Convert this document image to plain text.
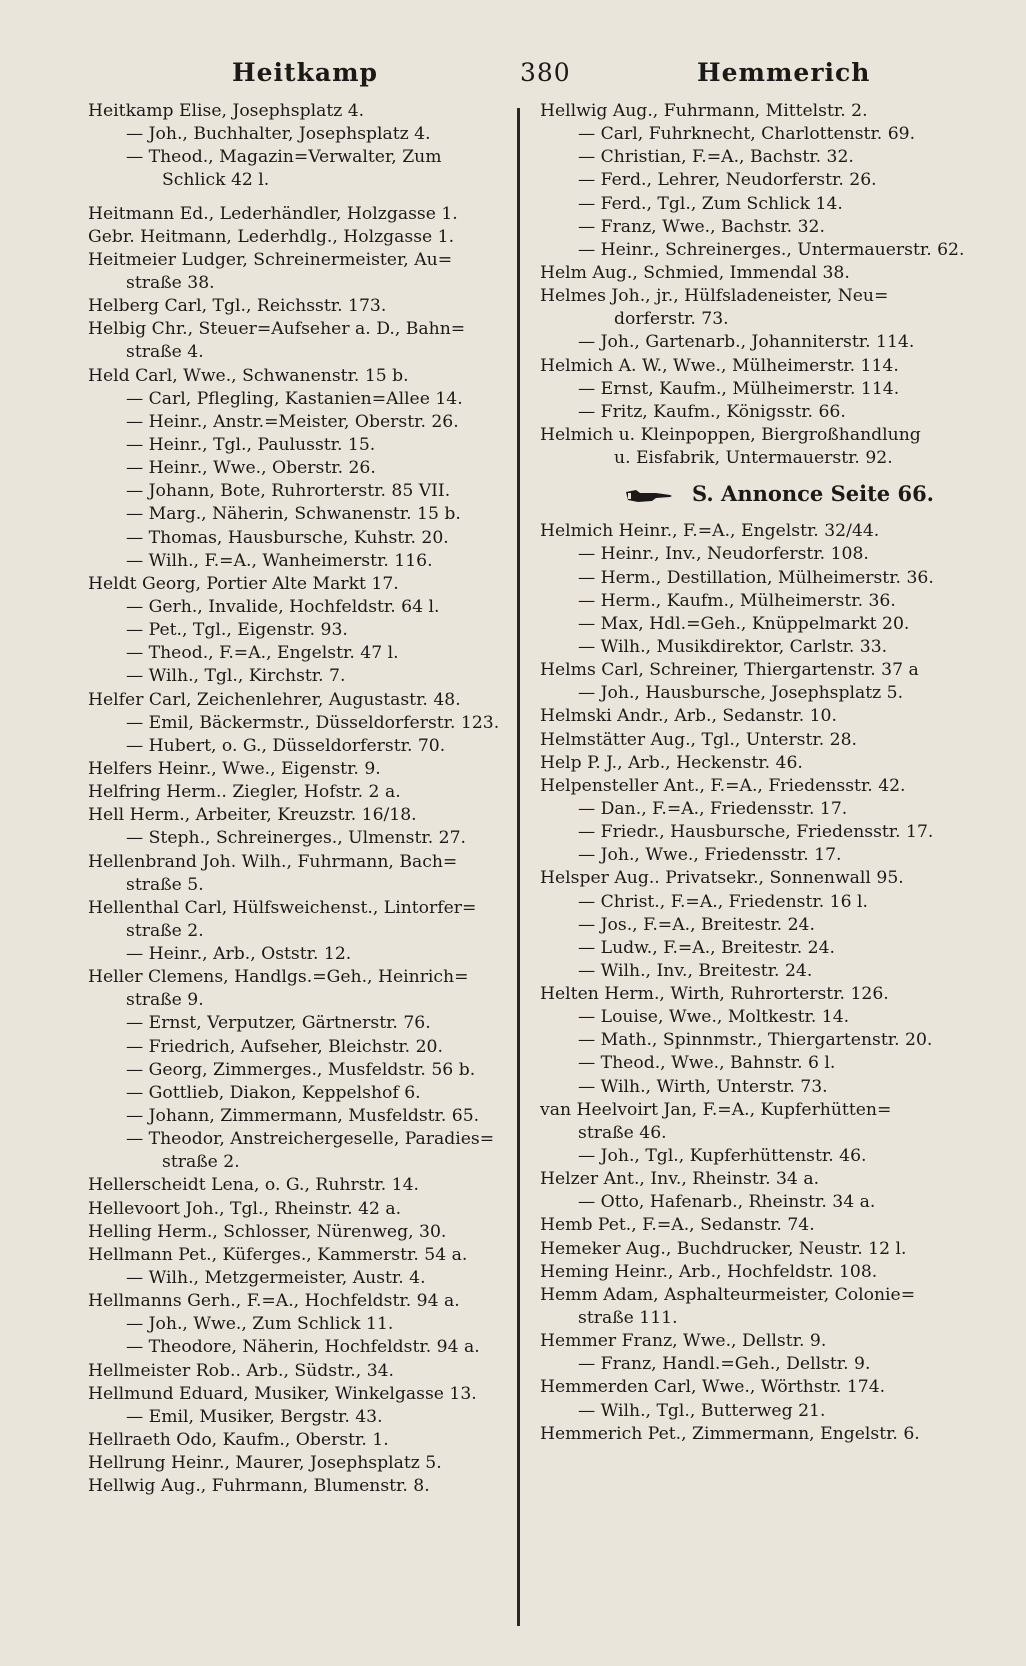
Heitkamp	380	Hemmerich
Heitkamp Elise, Josephsplatz 4.
— Joh., Buchhalter, Josephsplatz 4.
— Theod., Magazin=Verwalter, Zum
Schlick 42 l.
Heitmann Ed., Lederhändler, Holzgasse 1.
Gebr. Heitmann, Lederhdlg., Holzgasse 1.
Heitmeier Ludger, Schreinermeister, Au=
straße 38.
Helberg Carl, Tgl., Reichsstr. 173.
Helbig Chr., Steuer=Aufseher a. D., Bahn=
straße 4.
Held Carl, Wwe., Schwanenstr. 15 b.
— Carl, Pflegling, Kastanien=Allee 14.
— Heinr., Anstr.=Meister, Oberstr. 26.
— Heinr., Tgl., Paulusstr. 15.
— Heinr., Wwe., Oberstr. 26.
— Johann, Bote, Ruhrorterstr. 85 VII.
— Marg., Näherin, Schwanenstr. 15 b.
— Thomas, Hausbursche, Kuhstr. 20.
— Wilh., F.=A., Wanheimerstr. 116.
Heldt Georg, Portier Alte Markt 17.
— Gerh., Invalide, Hochfeldstr. 64 l.
— Pet., Tgl., Eigenstr. 93.
— Theod., F.=A., Engelstr. 47 l.
— Wilh., Tgl., Kirchstr. 7.
Helfer Carl, Zeichenlehrer, Augustastr. 48.
— Emil, Bäckermstr., Düsseldorferstr. 123.
— Hubert, o. G., Düsseldorferstr. 70.
Helfers Heinr., Wwe., Eigenstr. 9.
Helfring Herm.. Ziegler, Hofstr. 2 a.
Hell Herm., Arbeiter, Kreuzstr. 16/18.
— Steph., Schreinerges., Ulmenstr. 27.
Hellenbrand Joh. Wilh., Fuhrmann, Bach=
straße 5.
Hellenthal Carl, Hülfsweichenst., Lintorfer=
straße 2.
— Heinr., Arb., Oststr. 12.
Heller Clemens, Handlgs.=Geh., Heinrich=
straße 9.
— Ernst, Verputzer, Gärtnerstr. 76.
— Friedrich, Aufseher, Bleichstr. 20.
— Georg, Zimmerges., Musfeldstr. 56 b.
— Gottlieb, Diakon, Keppelshof 6.
— Johann, Zimmermann, Musfeldstr. 65.
— Theodor, Anstreichergeselle, Paradies=
straße 2.
Hellerscheidt Lena, o. G., Ruhrstr. 14.
Hellevoort Joh., Tgl., Rheinstr. 42 a.
Helling Herm., Schlosser, Nürenweg, 30.
Hellmann Pet., Küferges., Kammerstr. 54 a.
— Wilh., Metzgermeister, Austr. 4.
Hellmanns Gerh., F.=A., Hochfeldstr. 94 a.
— Joh., Wwe., Zum Schlick 11.
— Theodore, Näherin, Hochfeldstr. 94 a.
Hellmeister Rob.. Arb., Südstr., 34.
Hellmund Eduard, Musiker, Winkelgasse 13.
— Emil, Musiker, Bergstr. 43.
Hellraeth Odo, Kaufm., Oberstr. 1.
Hellrung Heinr., Maurer, Josephsplatz 5.
Hellwig Aug., Fuhrmann, Blumenstr. 8.
Hellwig Aug., Fuhrmann, Mittelstr. 2.
— Carl, Fuhrknecht, Charlottenstr. 69.
— Christian, F.=A., Bachstr. 32.
— Ferd., Lehrer, Neudorferstr. 26.
— Ferd., Tgl., Zum Schlick 14.
— Franz, Wwe., Bachstr. 32.
— Heinr., Schreinerges., Untermauerstr. 62.
Helm Aug., Schmied, Immendal 38.
Helmes Joh., jr., Hülfsladeneister, Neu=
dorferstr. 73.
— Joh., Gartenarb., Johanniterstr. 114.
Helmich A. W., Wwe., Mülheimerstr. 114.
— Ernst, Kaufm., Mülheimerstr. 114.
— Fritz, Kaufm., Königsstr. 66.
Helmich u. Kleinpoppen, Biergroßhandlung
u. Eisfabrik, Untermauerstr. 92.
S. Annonce Seite 66.
Helmich Heinr., F.=A., Engelstr. 32/44.
— Heinr., Inv., Neudorferstr. 108.
— Herm., Destillation, Mülheimerstr. 36.
— Herm., Kaufm., Mülheimerstr. 36.
— Max, Hdl.=Geh., Knüppelmarkt 20.
— Wilh., Musikdirektor, Carlstr. 33.
Helms Carl, Schreiner, Thiergartenstr. 37 a
— Joh., Hausbursche, Josephsplatz 5.
Helmski Andr., Arb., Sedanstr. 10.
Helmstätter Aug., Tgl., Unterstr. 28.
Help P. J., Arb., Heckenstr. 46.
Helpensteller Ant., F.=A., Friedensstr. 42.
— Dan., F.=A., Friedensstr. 17.
— Friedr., Hausbursche, Friedensstr. 17.
— Joh., Wwe., Friedensstr. 17.
Helsper Aug.. Privatsekr., Sonnenwall 95.
— Christ., F.=A., Friedenstr. 16 l.
— Jos., F.=A., Breitestr. 24.
— Ludw., F.=A., Breitestr. 24.
— Wilh., Inv., Breitestr. 24.
Helten Herm., Wirth, Ruhrorterstr. 126.
— Louise, Wwe., Moltkestr. 14.
— Math., Spinnmstr., Thiergartenstr. 20.
— Theod., Wwe., Bahnstr. 6 l.
— Wilh., Wirth, Unterstr. 73.
van Heelvoirt Jan, F.=A., Kupferhütten=
straße 46.
— Joh., Tgl., Kupferhüttenstr. 46.
Helzer Ant., Inv., Rheinstr. 34 a.
— Otto, Hafenarb., Rheinstr. 34 a.
Hemb Pet., F.=A., Sedanstr. 74.
Hemeker Aug., Buchdrucker, Neustr. 12 l.
Heming Heinr., Arb., Hochfeldstr. 108.
Hemm Adam, Asphalteurmeister, Colonie=
straße 111.
Hemmer Franz, Wwe., Dellstr. 9.
— Franz, Handl.=Geh., Dellstr. 9.
Hemmerden Carl, Wwe., Wörthstr. 174.
— Wilh., Tgl., Butterweg 21.
Hemmerich Pet., Zimmermann, Engelstr. 6.
